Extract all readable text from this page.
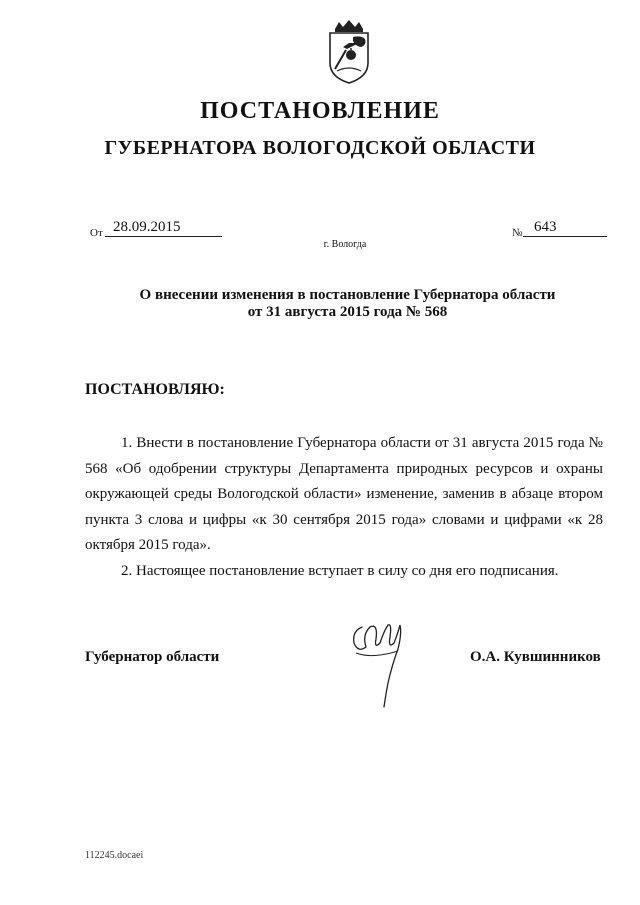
ПОСТАНОВЛЕНИЕ
ГУБЕРНАТОРА ВОЛОГОДСКОЙ ОБЛАСТИ
От 28.09.2015	№ 643
г. Вологда
О внесении изменения в постановление Губернатора области
от 31 августа 2015 года № 568
ПОСТАНОВЛЯЮ:

1. Внести в постановление Губернатора области от 31 августа 2015 года № 568 «Об одобрении структуры Департамента природных ресурсов и охраны окружающей среды Вологодской области» изменение, заменив в абзаце втором пункта 3 слова и цифры «к 30 сентября 2015 года» словами и цифрами «к 28 октября 2015 года».

2. Настоящее постановление вступает в силу со дня его подписания.

Губернатор области	О.А. Кувшинников
112245.docaei
